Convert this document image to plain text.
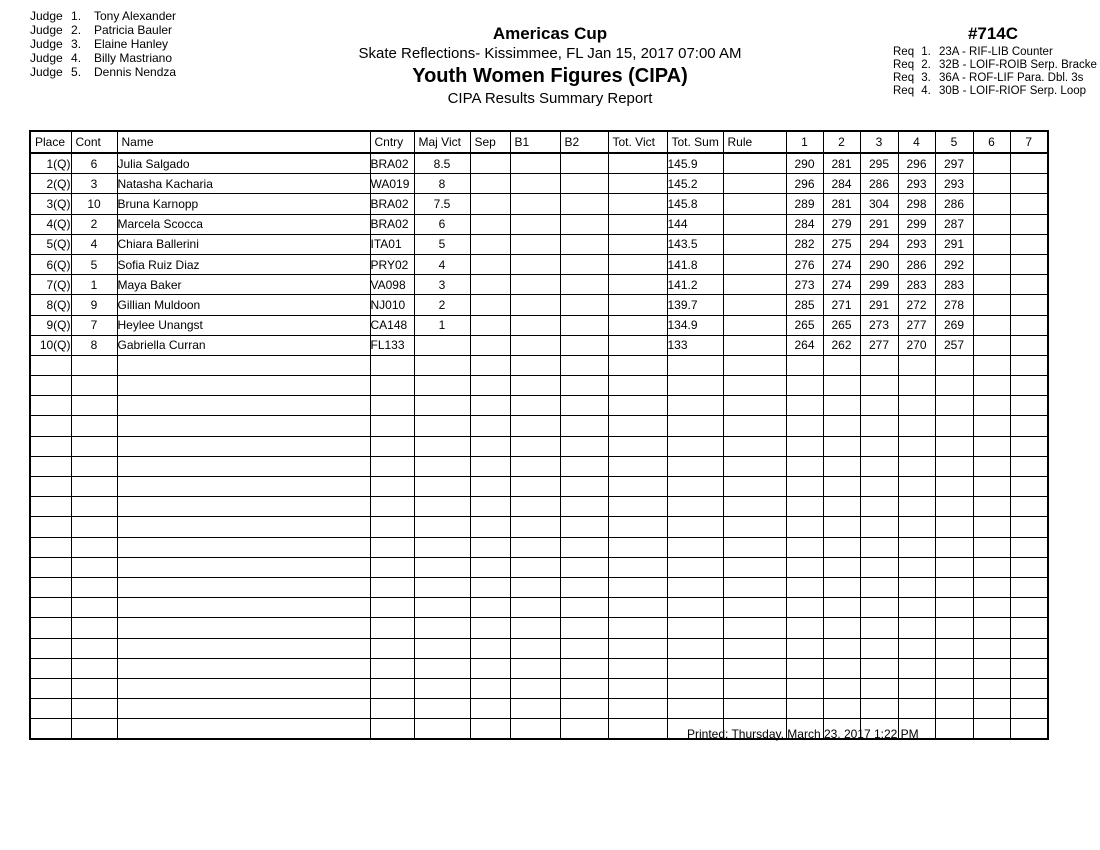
Judge 1. Tony Alexander
Judge 2. Patricia Bauler
Judge 3. Elaine Hanley
Judge 4. Billy Mastriano
Judge 5. Dennis Nendza
Americas Cup
Skate Reflections- Kissimmee, FL Jan 15, 2017 07:00 AM
Youth Women Figures (CIPA)
CIPA Results Summary Report
#714C
Req 1. 23A - RIF-LIB Counter
Req 2. 32B - LOIF-ROIB Serp. Bracke
Req 3. 36A - ROF-LIF Para. Dbl. 3s
Req 4. 30B - LOIF-RIOF Serp. Loop
Place	Cont	Name	Cntry	Maj Vict	Sep	B1	B2	Tot. Vict	Tot. Sum	Rule	1	2	3	4	5	6	7
1(Q)	6	Julia Salgado	BRA02	8.5					145.9		290	281	295	296	297		
2(Q)	3	Natasha Kacharia	WA019	8					145.2		296	284	286	293	293		
3(Q)	10	Bruna Karnopp	BRA02	7.5					145.8		289	281	304	298	286		
4(Q)	2	Marcela Scocca	BRA02	6					144		284	279	291	299	287		
5(Q)	4	Chiara Ballerini	ITA01	5					143.5		282	275	294	293	291		
6(Q)	5	Sofia Ruiz Diaz	PRY02	4					141.8		276	274	290	286	292		
7(Q)	1	Maya Baker	VA098	3					141.2		273	274	299	283	283		
8(Q)	9	Gillian Muldoon	NJ010	2					139.7		285	271	291	272	278		
9(Q)	7	Heylee Unangst	CA148	1					134.9		265	265	273	277	269		
10(Q)	8	Gabriella Curran	FL133						133		264	262	277	270	257		

Printed: Thursday, March 23, 2017 1:22 PM
